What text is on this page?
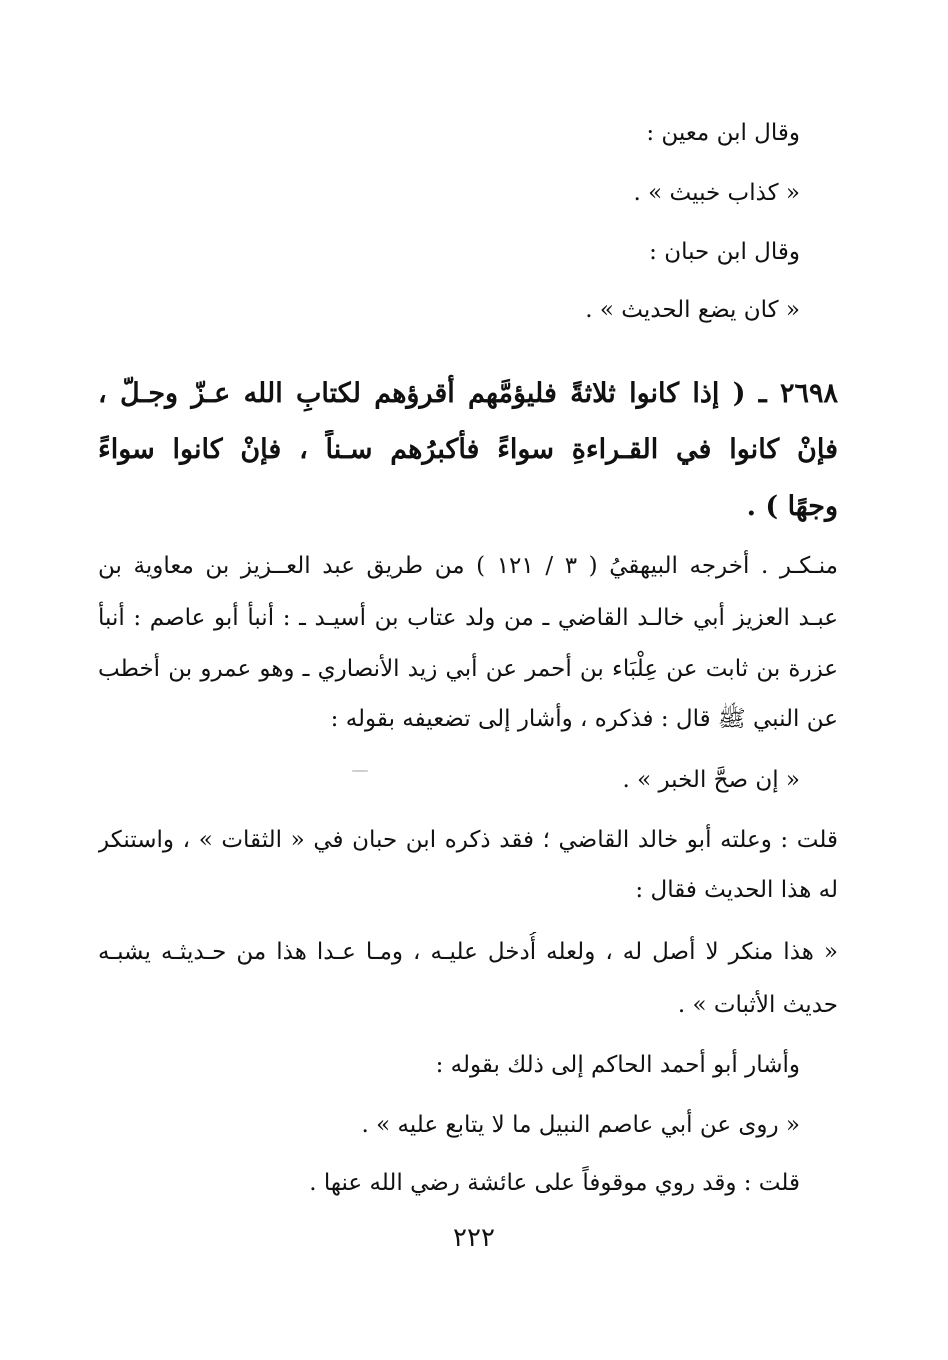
وقال ابن معين :
« كذاب خبيث » .
وقال ابن حبان :
« كان يضع الحديث » .
٢٦٩٨ ـ ( إذا كانوا ثلاثةً فليؤمَّهم أقرؤهم لكتابِ الله عـزّ وجـلّ ،
فإنْ كانوا في القـراءةِ سواءً فأكبرُهم سـناً ، فإنْ كانوا سواءً
وجهًا ) .
منـكـر . أخرجه البيهقيُ ( ٣ / ١٢١ ) من طريق عبد العــزيز بن معاوية بن
عبـد العزيز أبي خالـد القاضي ـ من ولد عتاب بن أسيـد ـ : أنبأ أبو عاصم : أنبأ
عزرة بن ثابت عن عِلْبَاء بن أحمر عن أبي زيد الأنصاري ـ وهو عمرو بن أخطب
عن النبي ﷺ قال : فذكره ، وأشار إلى تضعيفه بقوله :
« إن صحَّ الخبر » .
قلت : وعلته أبو خالد القاضي ؛ فقد ذكره ابن حبان في « الثقات » ، واستنكر
له هذا الحديث فقال :
« هذا منكر لا أصل له ، ولعله أُدخل عليـه ، ومـا عـدا هذا من حـديثـه يشبـه
حديث الأثبات » .
وأشار أبو أحمد الحاكم إلى ذلك بقوله :
« روى عن أبي عاصم النبيل ما لا يتابع عليه » .
قلت : وقد روي موقوفاً على عائشة رضي الله عنها .
٢٢٢
